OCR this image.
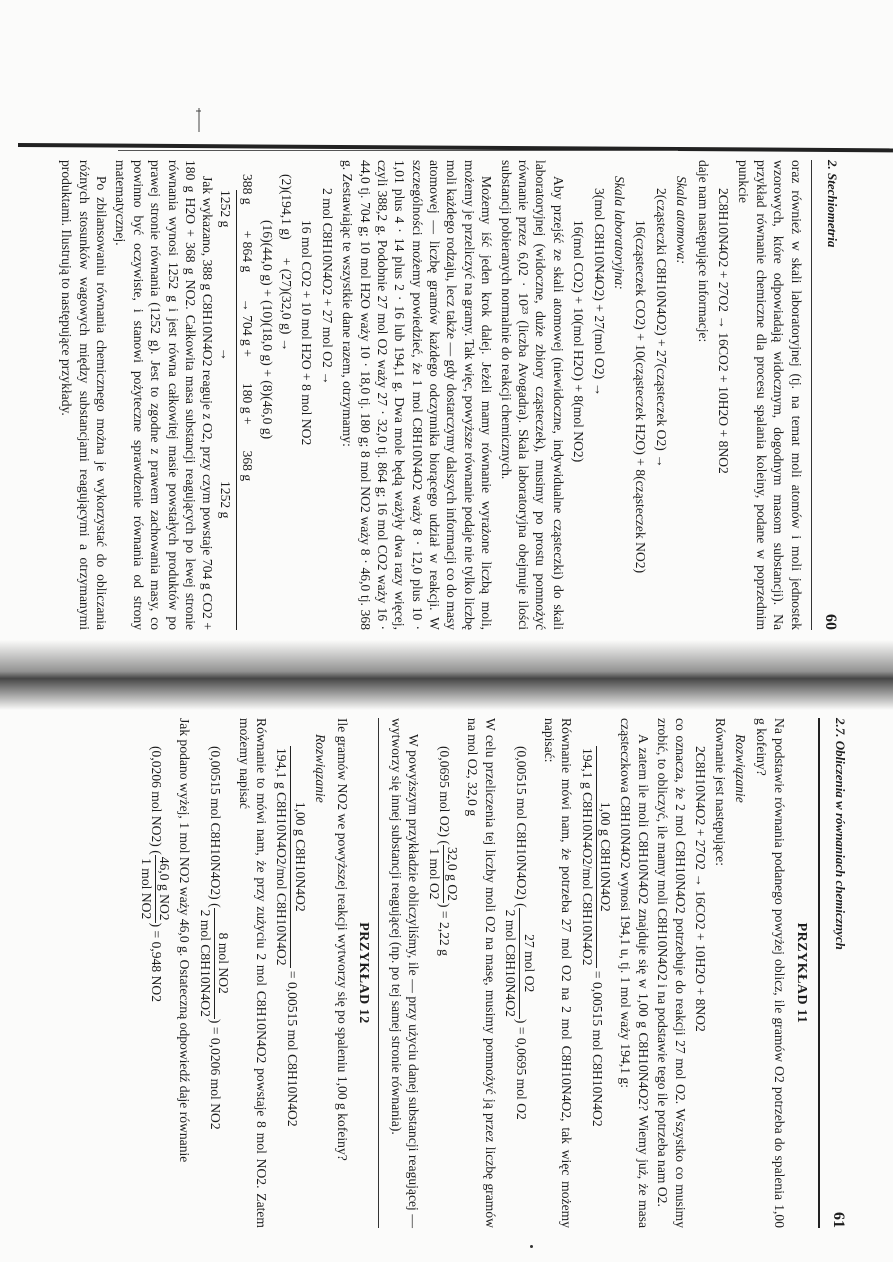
2. Stechiometria
60

oraz również w skali laboratoryjnej (tj. na temat moli atomów i moli jednostek wzorowych, które odpowiadają widocznym, dogodnym masom substancji). Na przykład równanie chemiczne dla procesu spalania koleiny, podane w poprzednim punkcie

2C8H10N4O2 + 27O2 → 16CO2 + 10H2O + 8NO2

daje nam następujące informacje:

Skala atomowa:
2(cząsteczki C8H10N4O2) + 27(cząsteczek O2) →
16(cząsteczek CO2) + 10(cząsteczek H2O) + 8(cząsteczek NO2)
Skala laboratoryjna:
3(mol C8H10N4O2) + 27(mol O2) →
16(mol CO2) + 10(mol H2O) + 8(mol NO2)

Aby przejść ze skali atomowej (niewidoczne, indywidualne cząsteczki) do skali laboratoryjnej (widoczne, duże zbiory cząsteczek), musimy po prostu pomnożyć równanie przez 6,02 · 10²³ (liczba Avogadra). Skala laboratoryjna obejmuje ilości substancji pobieranych normalnie do reakcji chemicznych.

Możemy iść jeden krok dalej. Jeżeli mamy równanie wyrażone liczbą moli, możemy je przeliczyć na gramy. Tak więc, powyższe równanie podaje nie tylko liczbę moli każdego rodzaju, lecz także — gdy dostarczymy dalszych informacji co do masy atomowej — liczbę gramów każdego odczynnika biorącego udział w reakcji. W szczególności możemy powiedzieć, że 1 mol C8H10N4O2 waży 8 · 12,0 plus 10 · 1,01 plus 4 · 14 plus 2 · 16 lub 194,1 g. Dwa mole będą ważyły dwa razy więcej, czyli 388,2 g. Podobnie 27 mol O2 waży 27 · 32,0 tj. 864 g; 16 mol CO2 waży 16 · 44,0 tj. 704 g; 10 mol H2O waży 10 · 18,0 tj. 180 g; 8 mol NO2 waży 8 · 46,0 tj. 368 g. Zestawiając te wszystkie dane razem, otrzymamy:

2 mol C8H10N4O2 + 27 mol O2 →
16 mol CO2 + 10 mol H2O + 8 mol NO2
(2)(194,1 g)
+ (27)(32,0 g) →
(16)(44,0 g) + (10)(18,0 g) + (8)(46,0 g)
388 g
+ 864 g
→ 704 g +
180 g +
368 g
1252 g
→
1252 g

Jak wykazano, 388 g C8H10N4O2 reaguje z O2, przy czym powstaje 704 g CO2 + 180 g H2O + 368 g NO2. Całkowita masa substancji reagujących po lewej stronie równania wynosi 1252 g i jest równa całkowitej masie powstałych produktów po prawej stronie równania (1252 g). Jest to zgodne z prawem zachowania masy, co powinno być oczywiste, i stanowi pożyteczne sprawdzenie równania od strony matematycznej.

Po zbilansowaniu równania chemicznego można je wykorzystać do obliczania różnych stosunków wagowych między substancjami reagującymi a otrzymanymi produktami. Ilustrują to następujące przykłady.

2.7. Obliczenia w równaniach chemicznych
61
PRZYKŁAD 11

Na podstawie równania podanego powyżej oblicz, ile gramów O2 potrzeba do spalenia 1,00 g kofeiny?

Rozwiązanie

Równanie jest następujące:

2C8H10N4O2 + 27O2 → 16CO2 + 10H2O + 8NO2

co oznacza, że 2 mol C8H10N4O2 potrzebuje do reakcji 27 mol O2. Wszystko co musimy zrobić, to obliczyć, ile mamy moli C8H10N4O2 i na podstawie tego ile potrzeba nam O2.

A zatem ile moli C8H10N4O2 znajduje się w 1,00 g C8H10N4O2? Wiemy już, że masa cząsteczkowa C8H10N4O2 wynosi 194,1 u, tj. 1 mol waży 194,1 g:

1,00 g C8H10N4O2
194,1 g C8H10N4O2/mol C8H10N4O2
= 0,00515 mol C8H10N4O2

Równanie mówi nam, że potrzeba 27 mol O2 na 2 mol C8H10N4O2, tak więc możemy napisać:

(0,00515 mol C8H10N4O2) (
27 mol O2
2 mol C8H10N4O2
) = 0,0695 mol O2

W celu przeliczenia tej liczby moli O2 na masę, musimy pomnożyć ją przez liczbę gramów na mol O2, 32,0 g

(0,0695 mol O2) (
32,0 g O2
1 mol O2
) = 2,22 g

W powyższym przykładzie obliczyliśmy, ile — przy użyciu danej substancji reagującej — wytworzy się innej substancji reagującej (np. po tej samej stronie równania).

PRZYKŁAD 12

Ile gramów NO2 we powyższej reakcji wytworzy się po spaleniu 1,00 g kofeiny?

Rozwiązanie
1,00 g C8H10N4O2
194,1 g C8H10N4O2/mol C8H10N4O2
= 0,00515 mol C8H10N4O2

Równanie to mówi nam, że przy zużyciu 2 mol C8H10N4O2 powstaje 8 mol NO2. Zatem możemy napisać

(0,00515 mol C8H10N4O2) (
8 mol NO2
2 mol C8H10N4O2
) = 0,0206 mol NO2

Jak podano wyżej, 1 mol NO2 waży 46,0 g. Ostateczną odpowiedź daje równanie

(0,0206 mol NO2) (
46,0 g NO2
1 mol NO2
) = 0,948 NO2
